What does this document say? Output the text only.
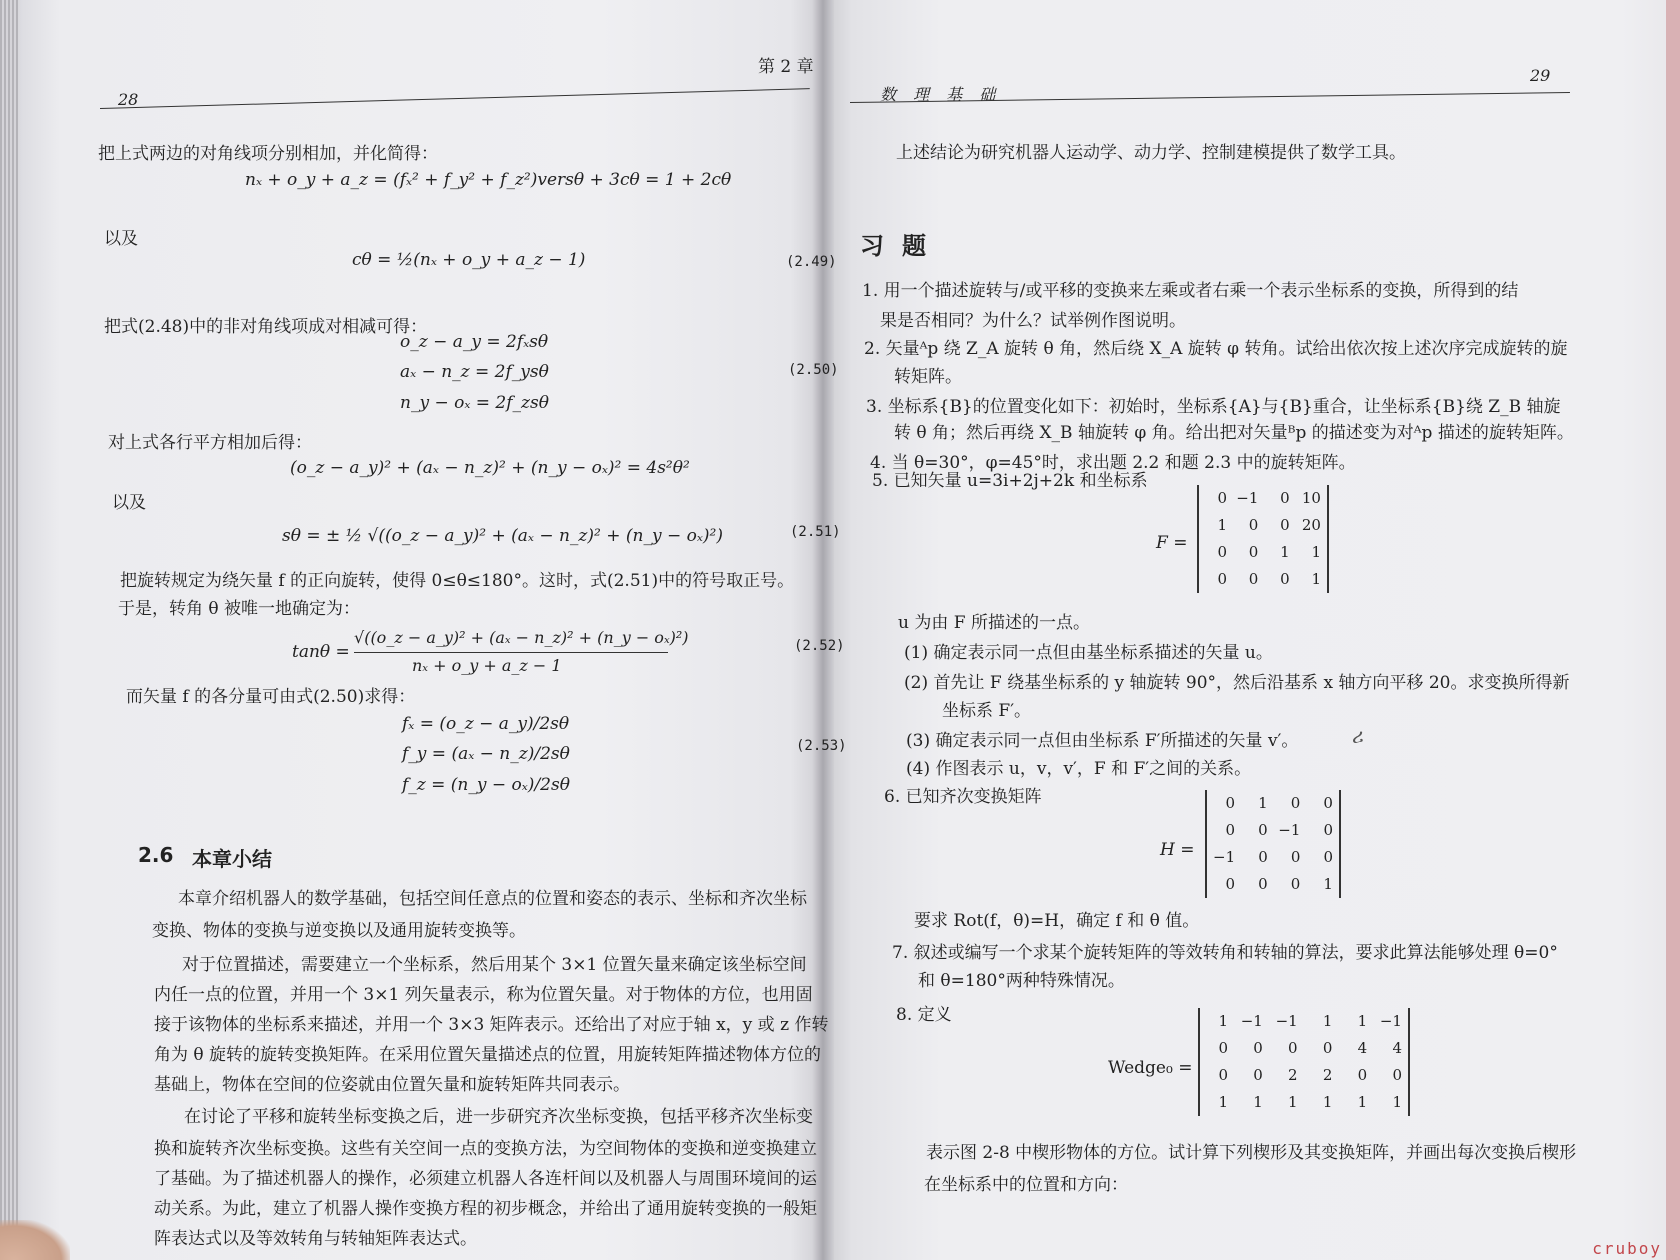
28
第 2 章
把上式两边的对角线项分别相加，并化简得：
nₓ + o_y + a_z = (fₓ² + f_y² + f_z²)versθ + 3cθ = 1 + 2cθ
以及
cθ = ½(nₓ + o_y + a_z − 1)	(2.49)
把式(2.48)中的非对角线项成对相减可得：
o_z − a_y = 2fₓsθ
aₓ − n_z = 2f_ysθ
n_y − oₓ = 2f_zsθ
(2.50)
对上式各行平方相加后得：
(o_z − a_y)² + (aₓ − n_z)² + (n_y − oₓ)² = 4s²θ²
以及
sθ = ± ½ √((o_z − a_y)² + (aₓ − n_z)² + (n_y − oₓ)²)	(2.51)
把旋转规定为绕矢量 f 的正向旋转，使得 0≤θ≤180°。这时，式(2.51)中的符号取正号。
于是，转角 θ 被唯一地确定为：
tanθ =
√((o_z − a_y)² + (aₓ − n_z)² + (n_y − oₓ)²)
nₓ + o_y + a_z − 1
(2.52)
而矢量 f 的各分量可由式(2.50)求得：
fₓ = (o_z − a_y)/2sθ
f_y = (aₓ − n_z)/2sθ
f_z = (n_y − oₓ)/2sθ
(2.53)
2.6 本章小结
本章介绍机器人的数学基础，包括空间任意点的位置和姿态的表示、坐标和齐次坐标
变换、物体的变换与逆变换以及通用旋转变换等。
对于位置描述，需要建立一个坐标系，然后用某个 3×1 位置矢量来确定该坐标空间
内任一点的位置，并用一个 3×1 列矢量表示，称为位置矢量。对于物体的方位，也用固
接于该物体的坐标系来描述，并用一个 3×3 矩阵表示。还给出了对应于轴 x，y 或 z 作转
角为 θ 旋转的旋转变换矩阵。在采用位置矢量描述点的位置，用旋转矩阵描述物体方位的
基础上，物体在空间的位姿就由位置矢量和旋转矩阵共同表示。
在讨论了平移和旋转坐标变换之后，进一步研究齐次坐标变换，包括平移齐次坐标变
换和旋转齐次坐标变换。这些有关空间一点的变换方法，为空间物体的变换和逆变换建立
了基础。为了描述机器人的操作，必须建立机器人各连杆间以及机器人与周围环境间的运
动关系。为此，建立了机器人操作变换方程的初步概念，并给出了通用旋转变换的一般矩
阵表达式以及等效转角与转轴矩阵表达式。
数 理 基 础
29
上述结论为研究机器人运动学、动力学、控制建模提供了数学工具。
习题
1. 用一个描述旋转与/或平移的变换来左乘或者右乘一个表示坐标系的变换，所得到的结
果是否相同？为什么？试举例作图说明。
2. 矢量ᴬp 绕 Z_A 旋转 θ 角，然后绕 X_A 旋转 φ 转角。试给出依次按上述次序完成旋转的旋
转矩阵。
3. 坐标系{B}的位置变化如下：初始时，坐标系{A}与{B}重合，让坐标系{B}绕 Z_B 轴旋
转 θ 角；然后再绕 X_B 轴旋转 φ 角。给出把对矢量ᴮp 的描述变为对ᴬp 描述的旋转矩阵。
4. 当 θ=30°，φ=45°时，求出题 2.2 和题 2.3 中的旋转矩阵。
5. 已知矢量 u=3i+2j+2k 和坐标系
F =
0 −1	0 10
1	0	0 20
0	0	1	1
0	0	0	1
u 为由 F 所描述的一点。
(1) 确定表示同一点但由基坐标系描述的矢量 u。
(2) 首先让 F 绕基坐标系的 y 轴旋转 90°，然后沿基系 x 轴方向平移 20。求变换所得新
坐标系 F′。
(3) 确定表示同一点但由坐标系 F′所描述的矢量 v′。
(4) 作图表示 u，v，v′，F 和 F′之间的关系。
ሪ
6. 已知齐次变换矩阵
H =
0	1	0	0
0	0 −1	0
−1	0	0	0
0	0	0	1
要求 Rot(f，θ)=H，确定 f 和 θ 值。
7. 叙述或编写一个求某个旋转矩阵的等效转角和转轴的算法，要求此算法能够处理 θ=0°
和 θ=180°两种特殊情况。
8. 定义
Wedge₀ =
1 −1 −1	1	1 −1
0	0	0	0	4	4
0	0	2	2	0	0
1	1	1	1	1	1
表示图 2-8 中楔形物体的方位。试计算下列楔形及其变换矩阵，并画出每次变换后楔形
在坐标系中的位置和方向：
cruboy
